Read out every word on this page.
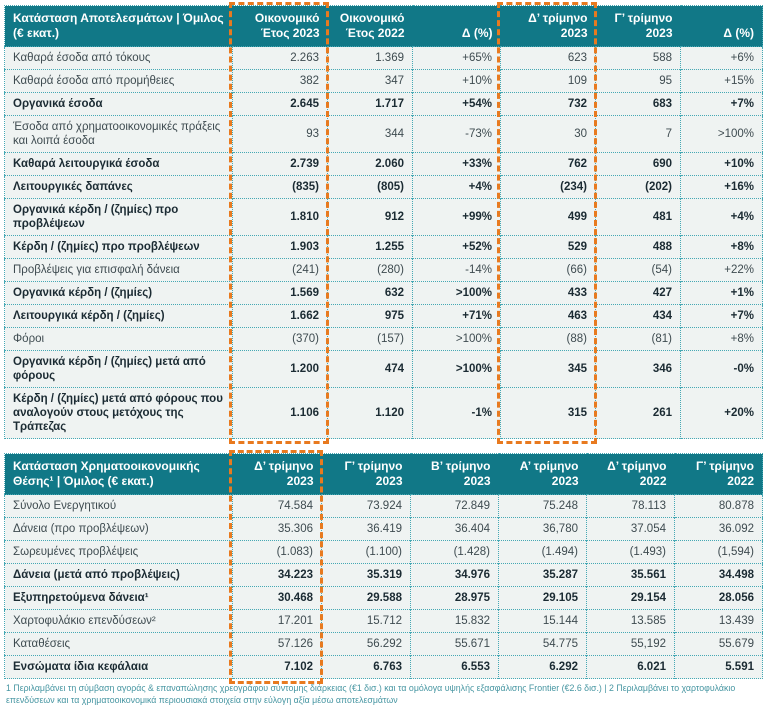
Κατάσταση Αποτελεσμάτων | Όμιλος (€ εκατ.)	Οικονομικό Έτος 2023	Οικονομικό Έτος 2022	Δ (%)	Δ’ τρίμηνο 2023	Γ’ τρίμηνο 2023	Δ (%)
Καθαρά έσοδα από τόκους	2.263	1.369	+65%	623	588	+6%
Καθαρά έσοδα από προμήθειες	382	347	+10%	109	95	+15%
Οργανικά έσοδα	2.645	1.717	+54%	732	683	+7%
Έσοδα από χρηματοοικονομικές πράξεις και λοιπά έσοδα	93	344	-73%	30	7	>100%
Καθαρά λειτουργικά έσοδα	2.739	2.060	+33%	762	690	+10%
Λειτουργικές δαπάνες	(835)	(805)	+4%	(234)	(202)	+16%
Οργανικά κέρδη / (ζημίες) προ προβλέψεων	1.810	912	+99%	499	481	+4%
Κέρδη / (ζημίες) προ προβλέψεων	1.903	1.255	+52%	529	488	+8%
Προβλέψεις για επισφαλή δάνεια	(241)	(280)	-14%	(66)	(54)	+22%
Οργανικά κέρδη / (ζημίες)	1.569	632	>100%	433	427	+1%
Λειτουργικά κέρδη / (ζημίες)	1.662	975	+71%	463	434	+7%
Φόροι	(370)	(157)	>100%	(88)	(81)	+8%
Οργανικά κέρδη / (ζημίες) μετά από φόρους	1.200	474	>100%	345	346	-0%
Κέρδη / (ζημίες) μετά από φόρους που αναλογούν στους μετόχους της Τράπεζας	1.106	1.120	-1%	315	261	+20%
Κατάσταση Χρηματοοικονομικής Θέσης¹ | Όμιλος (€ εκατ.)	Δ’ τρίμηνο 2023	Γ’ τρίμηνο 2023	Β’ τρίμηνο 2023	Α’ τρίμηνο 2023	Δ’ τρίμηνο 2022	Γ’ τρίμηνο 2022
Σύνολο Ενεργητικού	74.584	73.924	72.849	75.248	78.113	80.878
Δάνεια (προ προβλέψεων)	35.306	36.419	36.404	36,780	37.054	36.092
Σωρευμένες προβλέψεις	(1.083)	(1.100)	(1.428)	(1.494)	(1.493)	(1,594)
Δάνεια (μετά από προβλέψεις)	34.223	35.319	34.976	35.287	35.561	34.498
Εξυπηρετούμενα δάνεια¹	30.468	29.588	28.975	29.105	29.154	28.056
Χαρτοφυλάκιο επενδύσεων²	17.201	15.712	15.832	15.144	13.585	13.439
Καταθέσεις	57.126	56.292	55.671	54.775	55,192	55.679
Ενσώματα ίδια κεφάλαια	7.102	6.763	6.553	6.292	6.021	5.591
1 Περιλαμβάνει τη σύμβαση αγοράς & επαναπώλησης χρεογράφου σύντομης διάρκειας (€1 δισ.) και τα ομόλογα υψηλής εξασφάλισης Frontier (€2.6 δισ.) | 2 Περιλαμβάνει το χαρτοφυλάκιο επενδύσεων και τα χρηματοοικονομικά περιουσιακά στοιχεία στην εύλογη αξία μέσω αποτελεσμάτων
